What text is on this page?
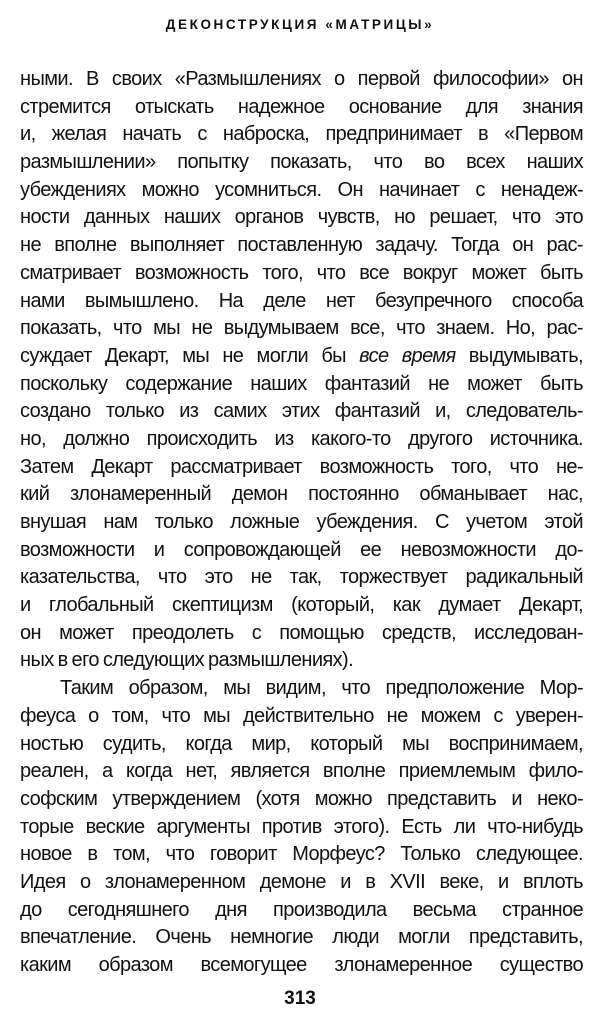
ДЕКОНСТРУКЦИЯ «МАТРИЦЫ»
ными. В своих «Размышлениях о первой философии» он
стремится отыскать надежное основание для знания
и, желая начать с наброска, предпринимает в «Первом
размышлении» попытку показать, что во всех наших
убеждениях можно усомниться. Он начинает с ненадеж-
ности данных наших органов чувств, но решает, что это
не вполне выполняет поставленную задачу. Тогда он рас-
сматривает возможность того, что все вокруг может быть
нами вымышлено. На деле нет безупречного способа
показать, что мы не выдумываем все, что знаем. Но, рас-
суждает Декарт, мы не могли бы все время выдумывать,
поскольку содержание наших фантазий не может быть
создано только из самих этих фантазий и, следователь-
но, должно происходить из какого-то другого источника.
Затем Декарт рассматривает возможность того, что не-
кий злонамеренный демон постоянно обманывает нас,
внушая нам только ложные убеждения. С учетом этой
возможности и сопровождающей ее невозможности до-
казательства, что это не так, торжествует радикальный
и глобальный скептицизм (который, как думает Декарт,
он может преодолеть с помощью средств, исследован-
ных в его следующих размышлениях).
Таким образом, мы видим, что предположение Мор-
феуса о том, что мы действительно не можем с уверен-
ностью судить, когда мир, который мы воспринимаем,
реален, а когда нет, является вполне приемлемым фило-
софским утверждением (хотя можно представить и неко-
торые веские аргументы против этого). Есть ли что-нибудь
новое в том, что говорит Морфеус? Только следующее.
Идея о злонамеренном демоне и в XVII веке, и вплоть
до сегодняшнего дня производила весьма странное
впечатление. Очень немногие люди могли представить,
каким образом всемогущее злонамеренное существо
313
